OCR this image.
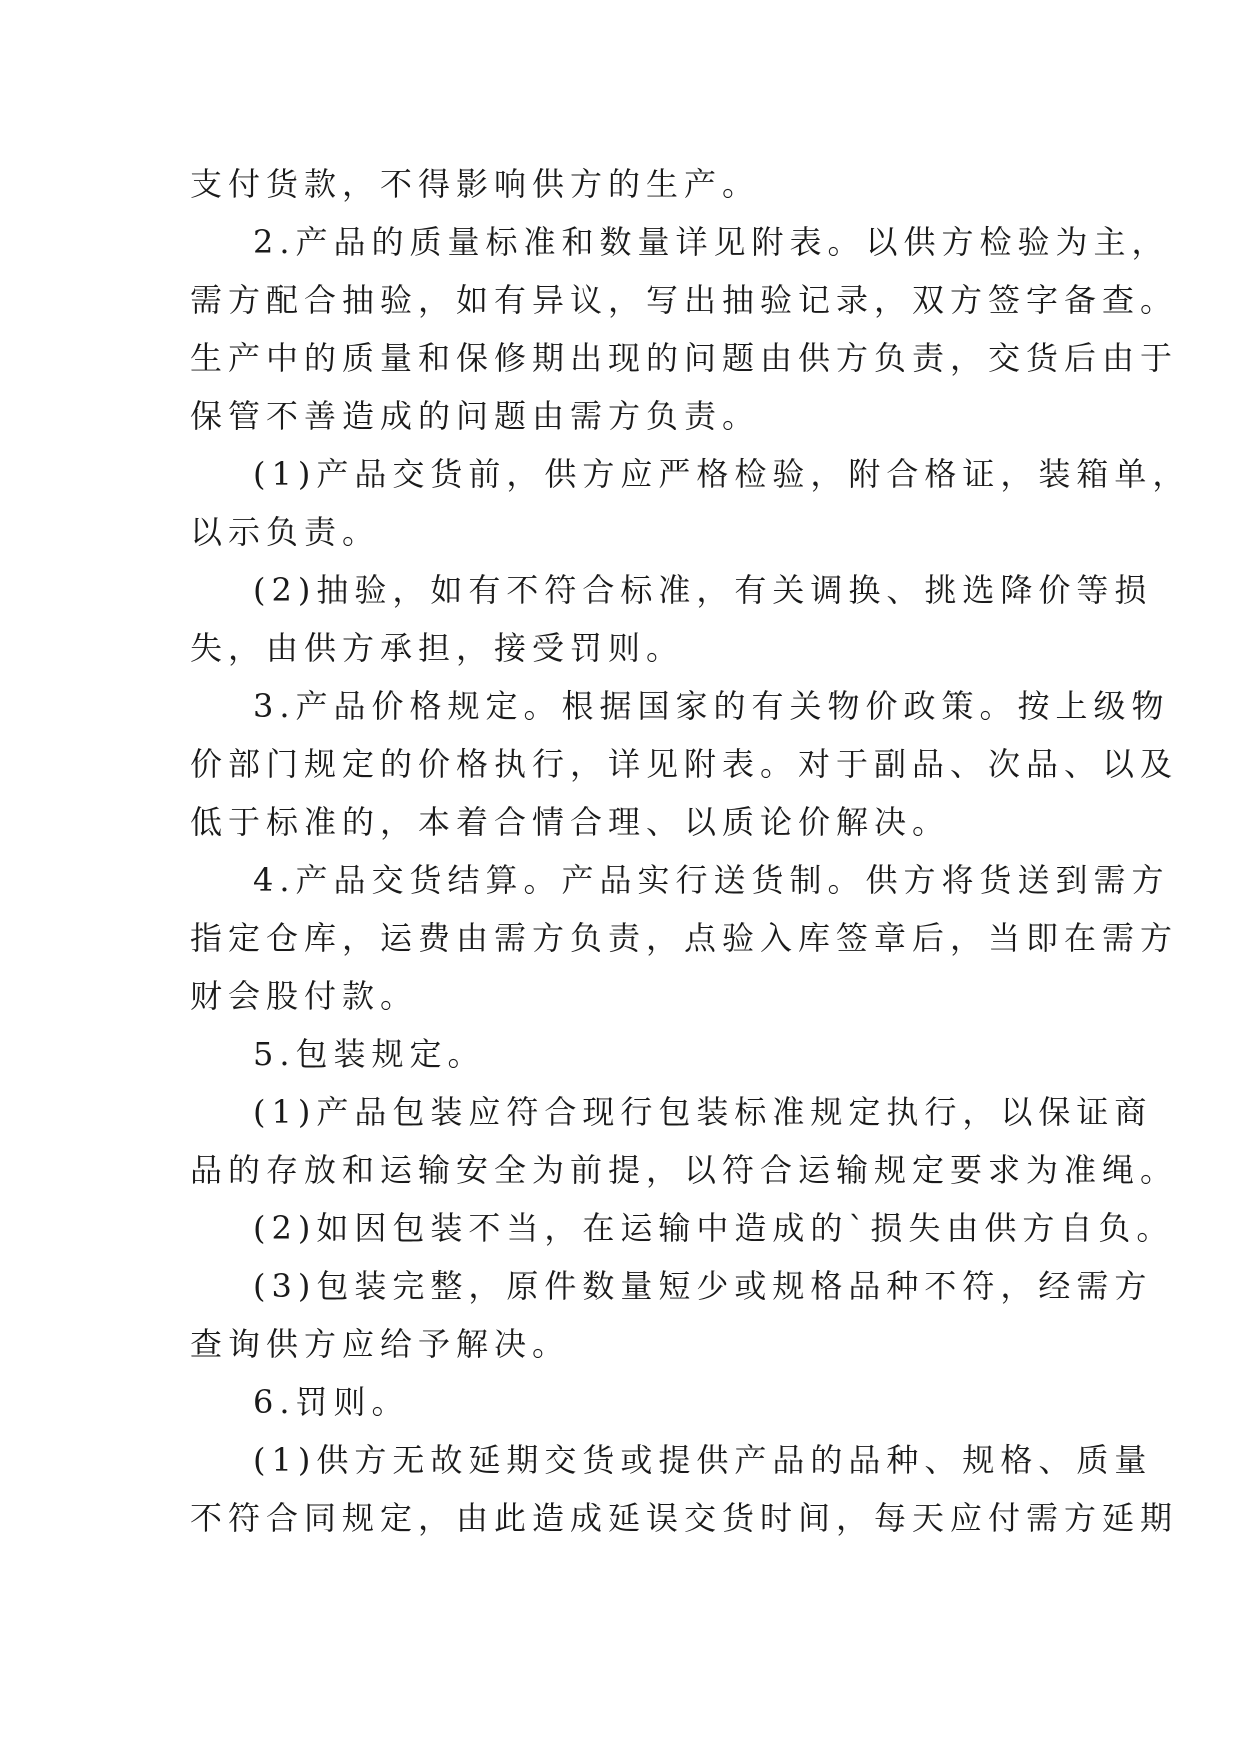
支付货款，不得影响供方的生产。

2.产品的质量标准和数量详见附表。以供方检验为主，

需方配合抽验，如有异议，写出抽验记录，双方签字备查。

生产中的质量和保修期出现的问题由供方负责，交货后由于

保管不善造成的问题由需方负责。

(1)产品交货前，供方应严格检验，附合格证，装箱单，

以示负责。

(2)抽验，如有不符合标准，有关调换、挑选降价等损

失，由供方承担，接受罚则。

3.产品价格规定。根据国家的有关物价政策。按上级物

价部门规定的价格执行，详见附表。对于副品、次品、以及

低于标准的，本着合情合理、以质论价解决。

4.产品交货结算。产品实行送货制。供方将货送到需方

指定仓库，运费由需方负责，点验入库签章后，当即在需方

财会股付款。

5.包装规定。

(1)产品包装应符合现行包装标准规定执行，以保证商

品的存放和运输安全为前提，以符合运输规定要求为准绳。

(2)如因包装不当，在运输中造成的`损失由供方自负。

(3)包装完整，原件数量短少或规格品种不符，经需方

查询供方应给予解决。

6.罚则。

(1)供方无故延期交货或提供产品的品种、规格、质量

不符合同规定，由此造成延误交货时间，每天应付需方延期
